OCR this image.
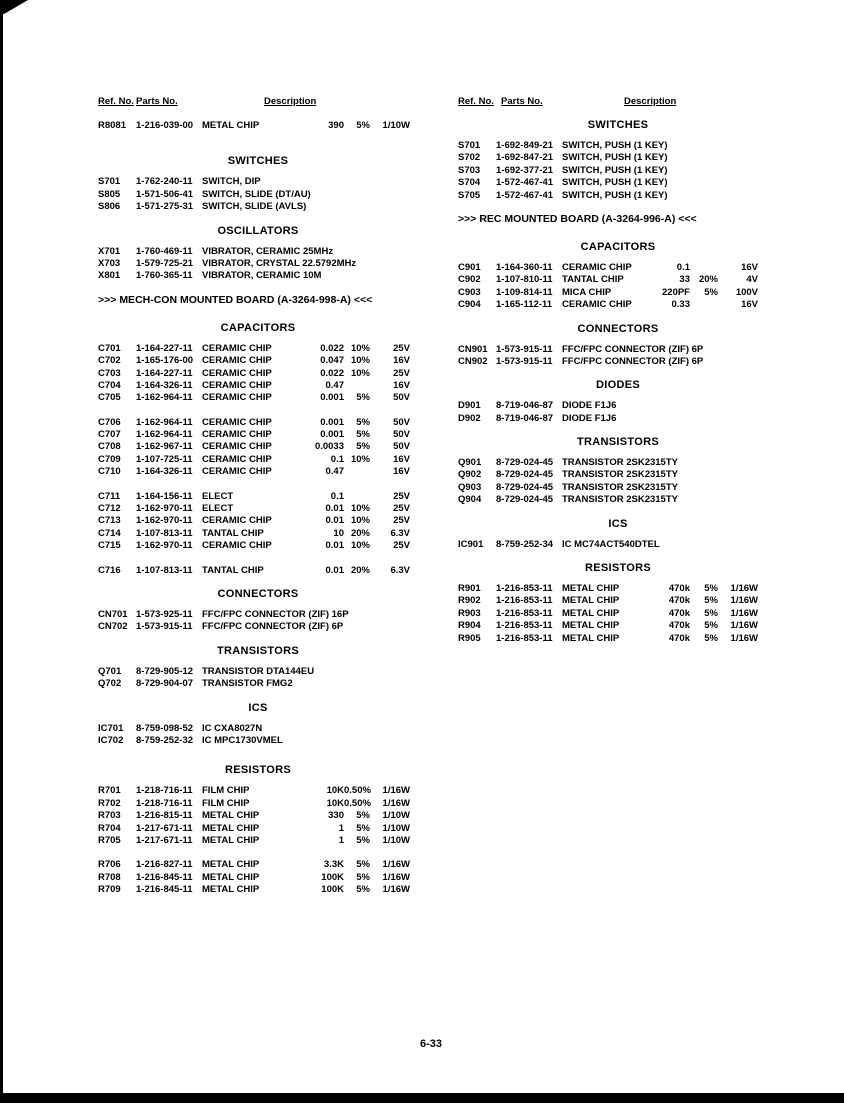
Ref. No. Parts No.	Description
R8081	1-216-039-00 METAL CHIP	390	5%	1/10W
SWITCHES
S701	1-762-240-11 SWITCH, DIP
S805	1-571-506-41 SWITCH, SLIDE (DT/AU)
S806	1-571-275-31 SWITCH, SLIDE (AVLS)
OSCILLATORS
X701	1-760-469-11 VIBRATOR, CERAMIC 25MHz
X703	1-579-725-21 VIBRATOR, CRYSTAL 22.5792MHz
X801	1-760-365-11 VIBRATOR, CERAMIC 10M
>>> MECH-CON MOUNTED BOARD (A-3264-998-A) <<<
CAPACITORS
C701	1-164-227-11 CERAMIC CHIP	0.022 10%	25V
C702	1-165-176-00 CERAMIC CHIP	0.047 10%	16V
C703	1-164-227-11 CERAMIC CHIP	0.022 10%	25V
C704	1-164-326-11 CERAMIC CHIP	0.47	16V
C705	1-162-964-11 CERAMIC CHIP	0.001	5%	50V
C706	1-162-964-11 CERAMIC CHIP	0.001	5%	50V
C707	1-162-964-11 CERAMIC CHIP	0.001	5%	50V
C708	1-162-967-11 CERAMIC CHIP	0.0033	5%	50V
C709	1-107-725-11 CERAMIC CHIP	0.1 10%	16V
C710	1-164-326-11 CERAMIC CHIP	0.47	16V
C711	1-164-156-11 ELECT	0.1	25V
C712	1-162-970-11 ELECT	0.01 10%	25V
C713	1-162-970-11 CERAMIC CHIP	0.01 10%	25V
C714	1-107-813-11 TANTAL CHIP	10 20%	6.3V
C715	1-162-970-11 CERAMIC CHIP	0.01 10%	25V
C716	1-107-813-11 TANTAL CHIP	0.01 20%	6.3V
CONNECTORS
CN701 1-573-925-11 FFC/FPC CONNECTOR (ZIF) 16P
CN702 1-573-915-11 FFC/FPC CONNECTOR (ZIF) 6P
TRANSISTORS
Q701	8-729-905-12 TRANSISTOR DTA144EU
Q702	8-729-904-07 TRANSISTOR FMG2
ICS
IC701	8-759-098-52 IC CXA8027N
IC702	8-759-252-32 IC MPC1730VMEL
RESISTORS
R701	1-218-716-11 FILM CHIP	10K 0.50%	1/16W
R702	1-218-716-11 FILM CHIP	10K 0.50%	1/16W
R703	1-216-815-11 METAL CHIP	330	5%	1/10W
R704	1-217-671-11 METAL CHIP	1	5%	1/10W
R705	1-217-671-11 METAL CHIP	1	5%	1/10W
R706	1-216-827-11 METAL CHIP	3.3K	5%	1/16W
R708	1-216-845-11 METAL CHIP	100K	5%	1/16W
R709	1-216-845-11 METAL CHIP	100K	5%	1/16W
Ref. No. Parts No.	Description
SWITCHES
S701	1-692-849-21 SWITCH, PUSH (1 KEY)
S702	1-692-847-21 SWITCH, PUSH (1 KEY)
S703	1-692-377-21 SWITCH, PUSH (1 KEY)
S704	1-572-467-41 SWITCH, PUSH (1 KEY)
S705	1-572-467-41 SWITCH, PUSH (1 KEY)
>>> REC MOUNTED BOARD (A-3264-996-A) <<<
CAPACITORS
C901	1-164-360-11 CERAMIC CHIP	0.1	16V
C902	1-107-810-11 TANTAL CHIP	33 20%	4V
C903	1-109-814-11 MICA CHIP	220PF	5%	100V
C904	1-165-112-11	CERAMIC CHIP	0.33	16V
CONNECTORS
CN901 1-573-915-11 FFC/FPC CONNECTOR (ZIF) 6P
CN902 1-573-915-11 FFC/FPC CONNECTOR (ZIF) 6P
DIODES
D901	8-719-046-87 DIODE F1J6
D902	8-719-046-87 DIODE F1J6
TRANSISTORS
Q901	8-729-024-45 TRANSISTOR 2SK2315TY
Q902	8-729-024-45 TRANSISTOR 2SK2315TY
Q903	8-729-024-45 TRANSISTOR 2SK2315TY
Q904	8-729-024-45 TRANSISTOR 2SK2315TY
ICS
IC901	8-759-252-34 IC MC74ACT540DTEL
RESISTORS
R901	1-216-853-11 METAL CHIP	470k	5%	1/16W
R902	1-216-853-11 METAL CHIP	470k	5%	1/16W
R903	1-216-853-11 METAL CHIP	470k	5%	1/16W
R904	1-216-853-11 METAL CHIP	470k	5%	1/16W
R905	1-216-853-11 METAL CHIP	470k	5%	1/16W
6-33
